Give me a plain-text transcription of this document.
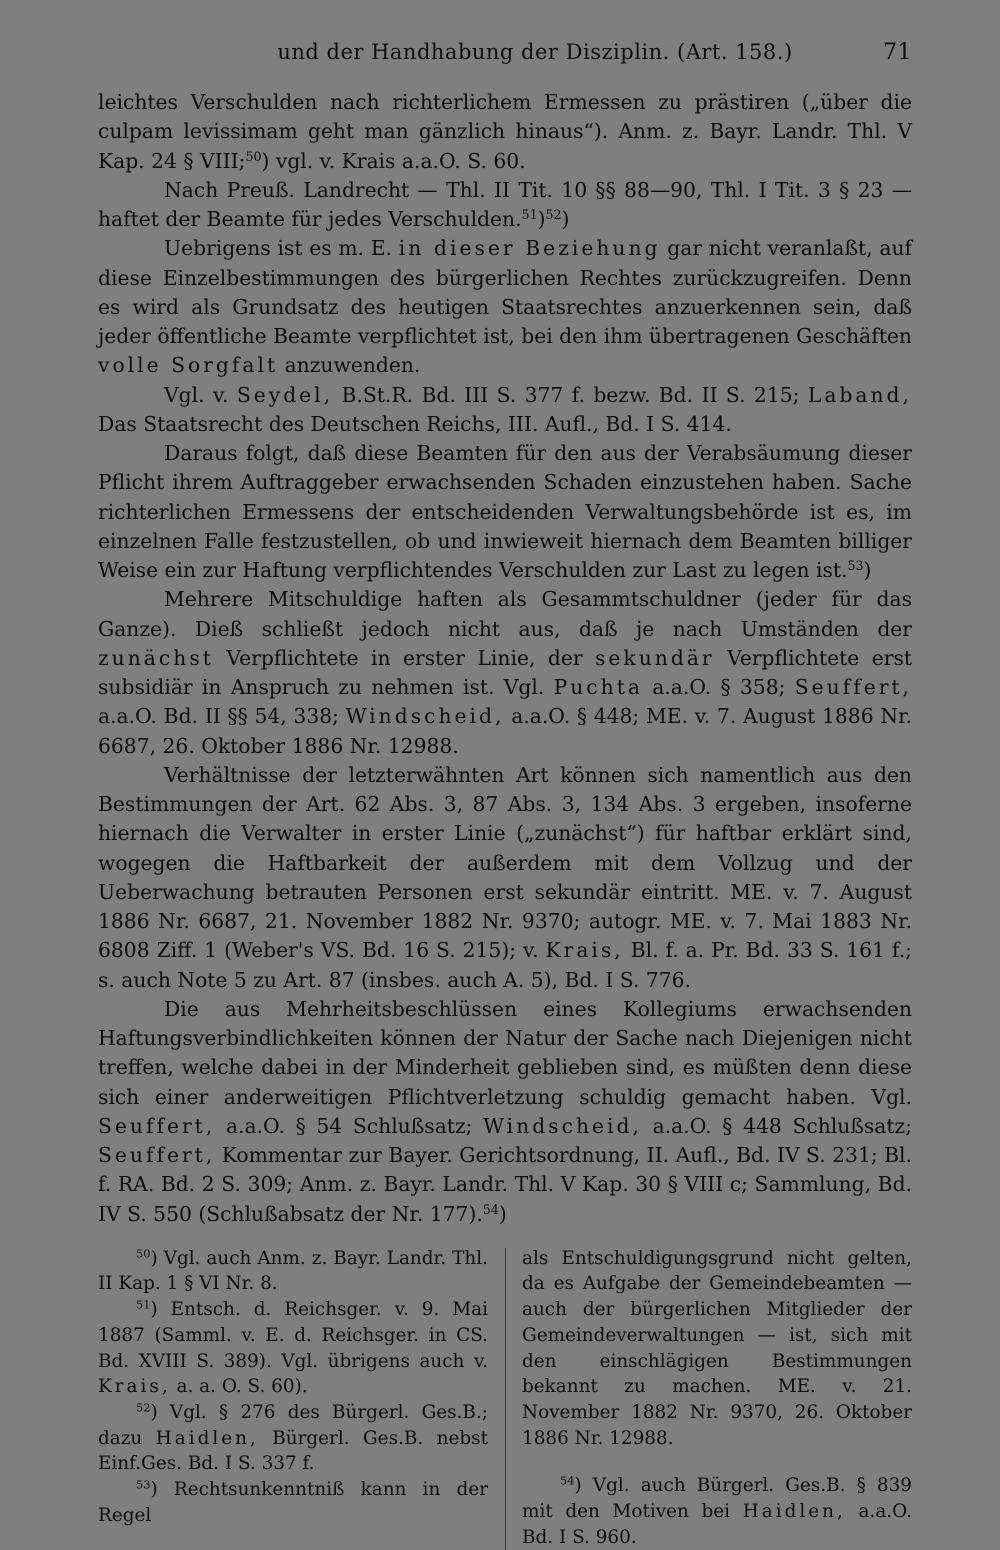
und der Handhabung der Disziplin. (Art. 158.)	71

leichtes Verschulden nach richterlichem Ermessen zu prästiren („über die culpam levissimam geht man gänzlich hinaus“). Anm. z. Bayr. Landr. Thl. V Kap. 24 § VIII;$^{50}$) vgl. v. Krais a.a.O. S. 60.

Nach Preuß. Landrecht — Thl. II Tit. 10 §§ 88—90, Thl. I Tit. 3 § 23 — haftet der Beamte für jedes Verschulden.$^{51}$)$^{52}$)

Uebrigens ist es m. E. in dieser Beziehung gar nicht veranlaßt, auf diese Einzelbestimmungen des bürgerlichen Rechtes zurückzugreifen. Denn es wird als Grundsatz des heutigen Staatsrechtes anzuerkennen sein, daß jeder öffentliche Beamte verpflichtet ist, bei den ihm übertragenen Geschäften volle Sorgfalt anzuwenden.

Vgl. v. Seydel, B.St.R. Bd. III S. 377 f. bezw. Bd. II S. 215; Laband, Das Staatsrecht des Deutschen Reichs, III. Aufl., Bd. I S. 414.

Daraus folgt, daß diese Beamten für den aus der Verabsäumung dieser Pflicht ihrem Auftraggeber erwachsenden Schaden einzustehen haben. Sache richterlichen Ermessens der entscheidenden Verwaltungsbehörde ist es, im einzelnen Falle festzustellen, ob und inwieweit hiernach dem Beamten billiger Weise ein zur Haftung verpflichtendes Verschulden zur Last zu legen ist.$^{53}$)

Mehrere Mitschuldige haften als Gesammtschuldner (jeder für das Ganze). Dieß schließt jedoch nicht aus, daß je nach Umständen der zunächst Verpflichtete in erster Linie, der sekundär Verpflichtete erst subsidiär in Anspruch zu nehmen ist. Vgl. Puchta a.a.O. § 358; Seuffert, a.a.O. Bd. II §§ 54, 338; Windscheid, a.a.O. § 448; ME. v. 7. August 1886 Nr. 6687, 26. Oktober 1886 Nr. 12988.

Verhältnisse der letzterwähnten Art können sich namentlich aus den Bestimmungen der Art. 62 Abs. 3, 87 Abs. 3, 134 Abs. 3 ergeben, insoferne hiernach die Verwalter in erster Linie („zunächst“) für haftbar erklärt sind, wogegen die Haftbarkeit der außerdem mit dem Vollzug und der Ueberwachung betrauten Personen erst sekundär eintritt. ME. v. 7. August 1886 Nr. 6687, 21. November 1882 Nr. 9370; autogr. ME. v. 7. Mai 1883 Nr. 6808 Ziff. 1 (Weber's VS. Bd. 16 S. 215); v. Krais, Bl. f. a. Pr. Bd. 33 S. 161 f.; s. auch Note 5 zu Art. 87 (insbes. auch A. 5), Bd. I S. 776.

Die aus Mehrheitsbeschlüssen eines Kollegiums erwachsenden Haftungsverbindlichkeiten können der Natur der Sache nach Diejenigen nicht treffen, welche dabei in der Minderheit geblieben sind, es müßten denn diese sich einer anderweitigen Pflichtverletzung schuldig gemacht haben. Vgl. Seuffert, a.a.O. § 54 Schlußsatz; Windscheid, a.a.O. § 448 Schlußsatz; Seuffert, Kommentar zur Bayer. Gerichtsordnung, II. Aufl., Bd. IV S. 231; Bl. f. RA. Bd. 2 S. 309; Anm. z. Bayr. Landr. Thl. V Kap. 30 § VIII c; Sammlung, Bd. IV S. 550 (Schlußabsatz der Nr. 177).$^{54}$)

$^{50}$) Vgl. auch Anm. z. Bayr. Landr. Thl. II Kap. 1 § VI Nr. 8.

$^{51}$) Entsch. d. Reichsger. v. 9. Mai 1887 (Samml. v. E. d. Reichsger. in CS. Bd. XVIII S. 389). Vgl. übrigens auch v. Krais, a. a. O. S. 60).

$^{52}$) Vgl. § 276 des Bürgerl. Ges.B.; dazu Haidlen, Bürgerl. Ges.B. nebst Einf.Ges. Bd. I S. 337 f.

$^{53}$) Rechtsunkenntniß kann in der Regel

als Entschuldigungsgrund nicht gelten, da es Aufgabe der Gemeindebeamten — auch der bürgerlichen Mitglieder der Gemeindeverwaltungen — ist, sich mit den einschlägigen Bestimmungen bekannt zu machen. ME. v. 21. November 1882 Nr. 9370, 26. Oktober 1886 Nr. 12988.

$^{54}$) Vgl. auch Bürgerl. Ges.B. § 839 mit den Motiven bei Haidlen, a.a.O. Bd. I S. 960.
